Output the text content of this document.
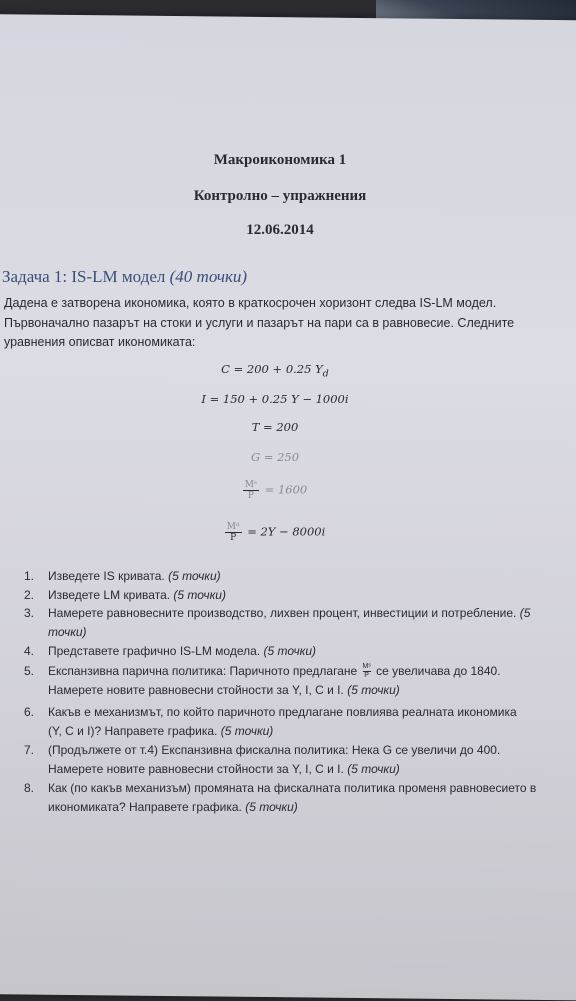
Макроикономика 1
Контролно – упражнения
12.06.2014
Задача 1: IS-LM модел (40 точки)
Дадена е затворена икономика, която в краткосрочен хоризонт следва IS-LM модел.
Първоначално пазарът на стоки и услуги и пазарът на пари са в равновесие. Следните
уравнения описват икономиката:
C = 200 + 0.25 $Y_d$
I = 150 + 0.25 Y − 1000i
T = 200
G = 250
$\frac{\text{Mˢ}}{P} = 1600$
$\frac{\text{Mᵈ}}{P} = 2Y - 8000i$
1.	Изведете IS кривата. (5 точки)
2.	Изведете LM кривата. (5 точки)
3.	Намерете равновесните производство, лихвен процент, инвестиции и потребление. (5 точки)
4.	Представете графично IS-LM модела. (5 точки)
5.	Експанзивна парична политика: Паричното предлагане $\frac{\text{Mˢ}}{P}$ се увеличава до 1840.
Намерете новите равновесни стойности за Y, I, C и I. (5 точки)
6.	Какъв е механизмът, по който паричното предлагане повлиява реалната икономика
(Y, C и I)? Направете графика. (5 точки)
7.	(Продължете от т.4) Експанзивна фискална политика: Нека G се увеличи до 400.
Намерете новите равновесни стойности за Y, I, C и I. (5 точки)
8.	Как (по какъв механизъм) промяната на фискалната политика променя равновесието в
икономиката? Направете графика. (5 точки)
